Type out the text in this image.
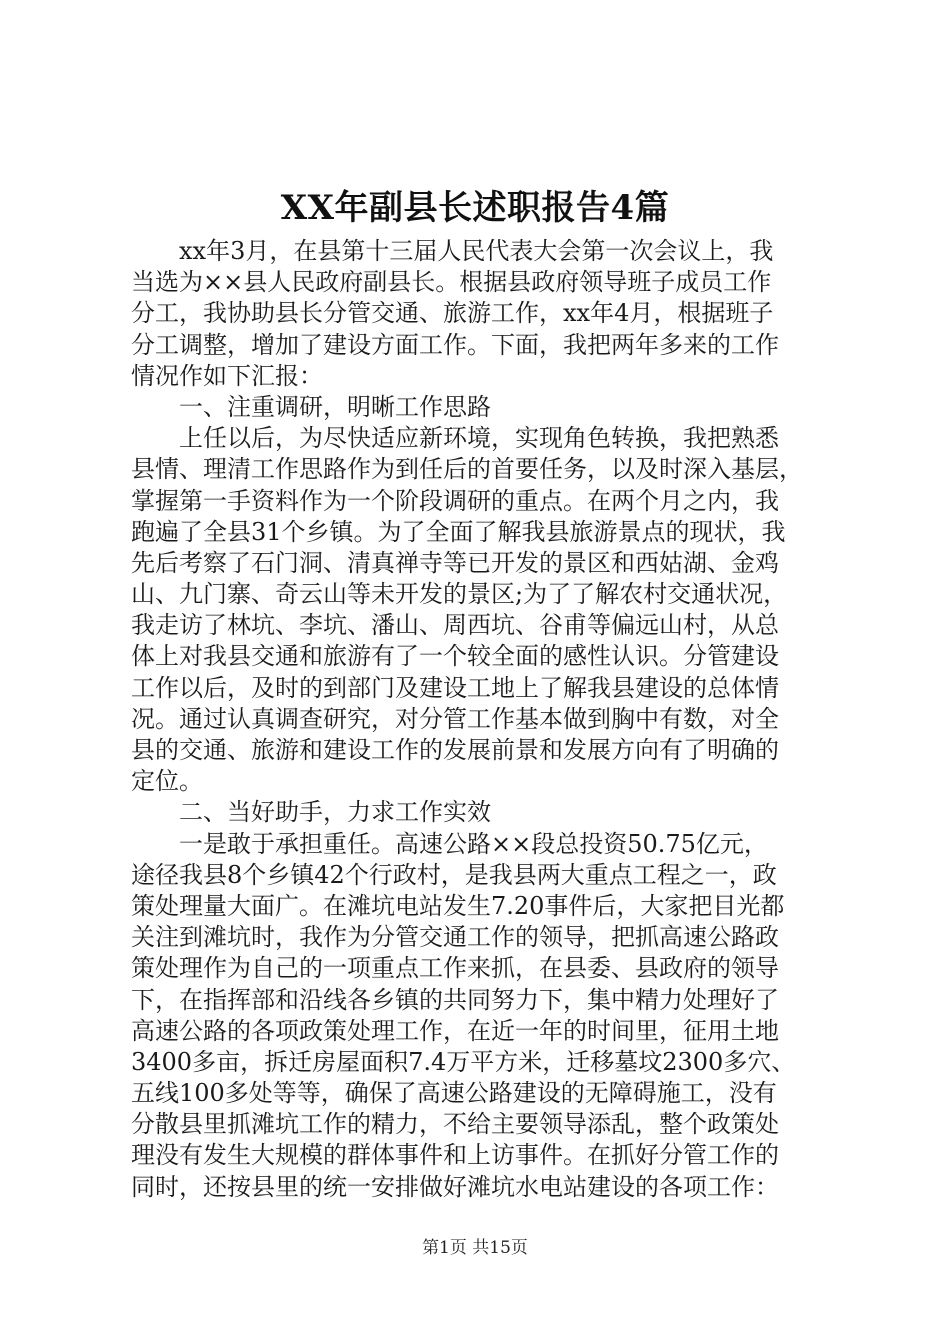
XX年副县长述职报告4篇
xx年3月，在县第十三届人民代表大会第一次会议上，我
当选为××县人民政府副县长。根据县政府领导班子成员工作
分工，我协助县长分管交通、旅游工作，xx年4月，根据班子
分工调整，增加了建设方面工作。下面，我把两年多来的工作
情况作如下汇报：
一、注重调研，明晰工作思路
上任以后，为尽快适应新环境，实现角色转换，我把熟悉
县情、理清工作思路作为到任后的首要任务，以及时深入基层，
掌握第一手资料作为一个阶段调研的重点。在两个月之内，我
跑遍了全县31个乡镇。为了全面了解我县旅游景点的现状，我
先后考察了石门洞、清真禅寺等已开发的景区和西姑湖、金鸡
山、九门寨、奇云山等未开发的景区;为了了解农村交通状况，
我走访了林坑、李坑、潘山、周西坑、谷甫等偏远山村，从总
体上对我县交通和旅游有了一个较全面的感性认识。分管建设
工作以后，及时的到部门及建设工地上了解我县建设的总体情
况。通过认真调查研究，对分管工作基本做到胸中有数，对全
县的交通、旅游和建设工作的发展前景和发展方向有了明确的
定位。
二、当好助手，力求工作实效
一是敢于承担重任。高速公路××段总投资50.75亿元，
途径我县8个乡镇42个行政村，是我县两大重点工程之一，政
策处理量大面广。在滩坑电站发生7.20事件后，大家把目光都
关注到滩坑时，我作为分管交通工作的领导，把抓高速公路政
策处理作为自己的一项重点工作来抓，在县委、县政府的领导
下，在指挥部和沿线各乡镇的共同努力下，集中精力处理好了
高速公路的各项政策处理工作，在近一年的时间里，征用土地
3400多亩，拆迁房屋面积7.4万平方米，迁移墓坟2300多穴、
五线100多处等等，确保了高速公路建设的无障碍施工，没有
分散县里抓滩坑工作的精力，不给主要领导添乱，整个政策处
理没有发生大规模的群体事件和上访事件。在抓好分管工作的
同时，还按县里的统一安排做好滩坑水电站建设的各项工作：
第1页 共15页
